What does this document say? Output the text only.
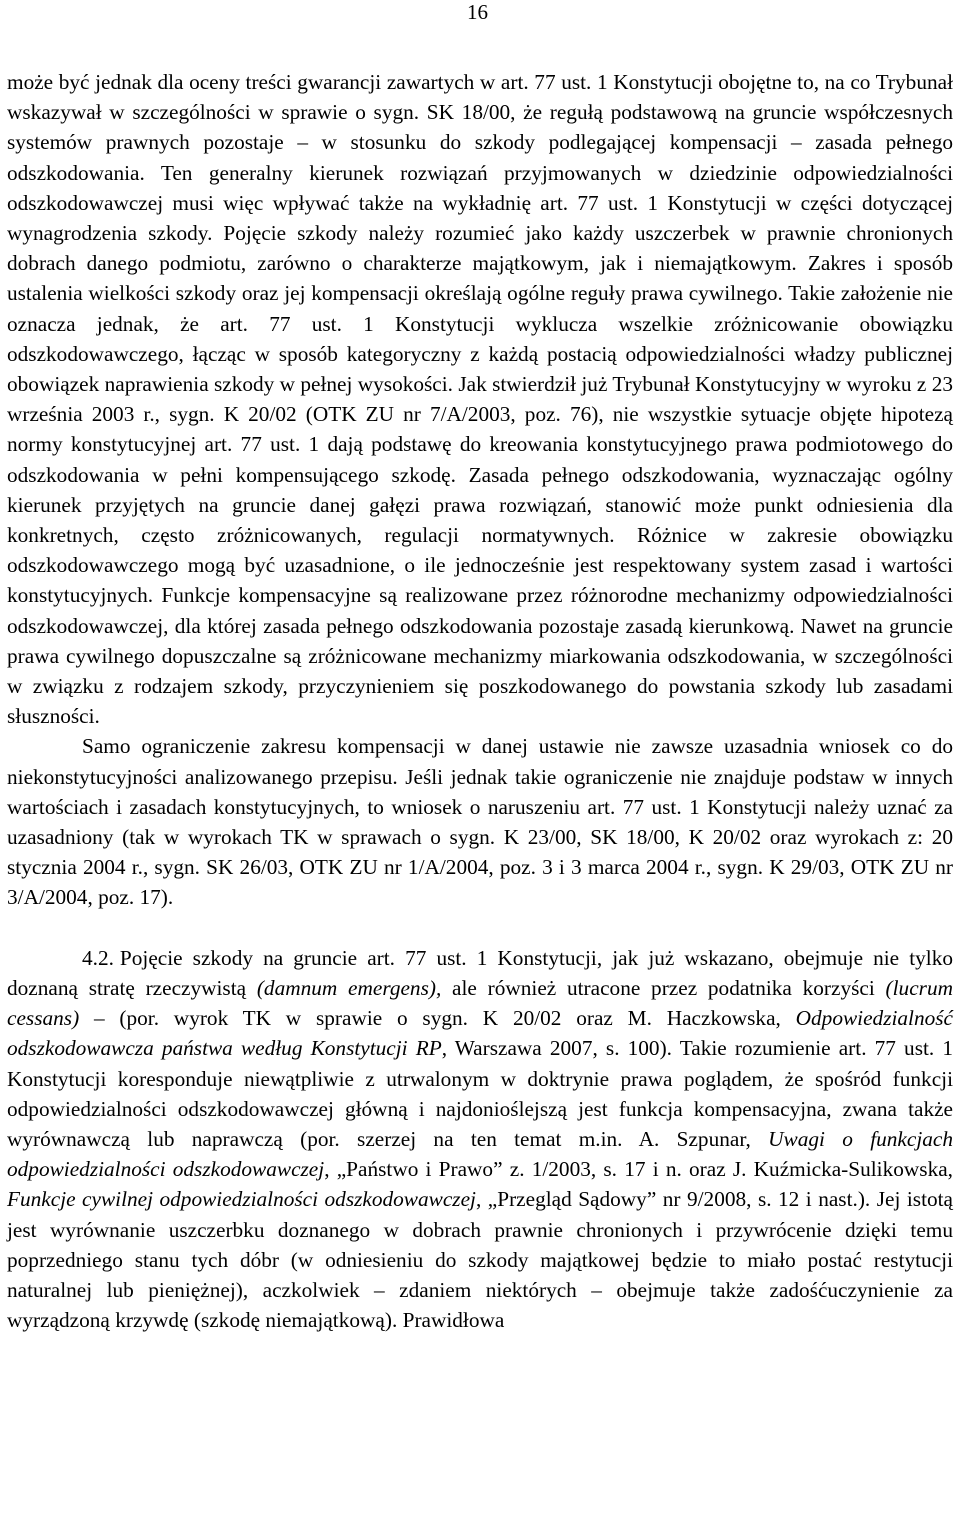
16

może być jednak dla oceny treści gwarancji zawartych w art. 77 ust. 1 Konstytucji obojętne to, na co Trybunał wskazywał w szczególności w sprawie o sygn. SK 18/00, że regułą podstawową na gruncie współczesnych systemów prawnych pozostaje – w stosunku do szkody podlegającej kompensacji – zasada pełnego odszkodowania. Ten generalny kierunek rozwiązań przyjmowanych w dziedzinie odpowiedzialności odszkodowawczej musi więc wpływać także na wykładnię art. 77 ust. 1 Konstytucji w części dotyczącej wynagrodzenia szkody. Pojęcie szkody należy rozumieć jako każdy uszczerbek w prawnie chronionych dobrach danego podmiotu, zarówno o charakterze majątkowym, jak i niemajątkowym. Zakres i sposób ustalenia wielkości szkody oraz jej kompensacji określają ogólne reguły prawa cywilnego. Takie założenie nie oznacza jednak, że art. 77 ust. 1 Konstytucji wyklucza wszelkie zróżnicowanie obowiązku odszkodowawczego, łącząc w sposób kategoryczny z każdą postacią odpowiedzialności władzy publicznej obowiązek naprawienia szkody w pełnej wysokości. Jak stwierdził już Trybunał Konstytucyjny w wyroku z 23 września 2003 r., sygn. K 20/02 (OTK ZU nr 7/A/2003, poz. 76), nie wszystkie sytuacje objęte hipotezą normy konstytucyjnej art. 77 ust. 1 dają podstawę do kreowania konstytucyjnego prawa podmiotowego do odszkodowania w pełni kompensującego szkodę. Zasada pełnego odszkodowania, wyznaczając ogólny kierunek przyjętych na gruncie danej gałęzi prawa rozwiązań, stanowić może punkt odniesienia dla konkretnych, często zróżnicowanych, regulacji normatywnych. Różnice w zakresie obowiązku odszkodowawczego mogą być uzasadnione, o ile jednocześnie jest respektowany system zasad i wartości konstytucyjnych. Funkcje kompensacyjne są realizowane przez różnorodne mechanizmy odpowiedzialności odszkodowawczej, dla której zasada pełnego odszkodowania pozostaje zasadą kierunkową. Nawet na gruncie prawa cywilnego dopuszczalne są zróżnicowane mechanizmy miarkowania odszkodowania, w szczególności w związku z rodzajem szkody, przyczynieniem się poszkodowanego do powstania szkody lub zasadami słuszności.

Samo ograniczenie zakresu kompensacji w danej ustawie nie zawsze uzasadnia wniosek co do niekonstytucyjności analizowanego przepisu. Jeśli jednak takie ograniczenie nie znajduje podstaw w innych wartościach i zasadach konstytucyjnych, to wniosek o naruszeniu art. 77 ust. 1 Konstytucji należy uznać za uzasadniony (tak w wyrokach TK w sprawach o sygn. K 23/00, SK 18/00, K 20/02 oraz wyrokach z: 20 stycznia 2004 r., sygn. SK 26/03, OTK ZU nr 1/A/2004, poz. 3 i 3 marca 2004 r., sygn. K 29/03, OTK ZU nr 3/A/2004, poz. 17).

4.2. Pojęcie szkody na gruncie art. 77 ust. 1 Konstytucji, jak już wskazano, obejmuje nie tylko doznaną stratę rzeczywistą (damnum emergens), ale również utracone przez podatnika korzyści (lucrum cessans) – (por. wyrok TK w sprawie o sygn. K 20/02 oraz M. Haczkowska, Odpowiedzialność odszkodowawcza państwa według Konstytucji RP, Warszawa 2007, s. 100). Takie rozumienie art. 77 ust. 1 Konstytucji koresponduje niewątpliwie z utrwalonym w doktrynie prawa poglądem, że spośród funkcji odpowiedzialności odszkodowawczej główną i najdonioślejszą jest funkcja kompensacyjna, zwana także wyrównawczą lub naprawczą (por. szerzej na ten temat m.in. A. Szpunar, Uwagi o funkcjach odpowiedzialności odszkodowawczej, „Państwo i Prawo” z. 1/2003, s. 17 i n. oraz J. Kuźmicka-Sulikowska, Funkcje cywilnej odpowiedzialności odszkodowawczej, „Przegląd Sądowy” nr 9/2008, s. 12 i nast.). Jej istotą jest wyrównanie uszczerbku doznanego w dobrach prawnie chronionych i przywrócenie dzięki temu poprzedniego stanu tych dóbr (w odniesieniu do szkody majątkowej będzie to miało postać restytucji naturalnej lub pieniężnej), aczkolwiek – zdaniem niektórych – obejmuje także zadośćuczynienie za wyrządzoną krzywdę (szkodę niemajątkową). Prawidłowa
